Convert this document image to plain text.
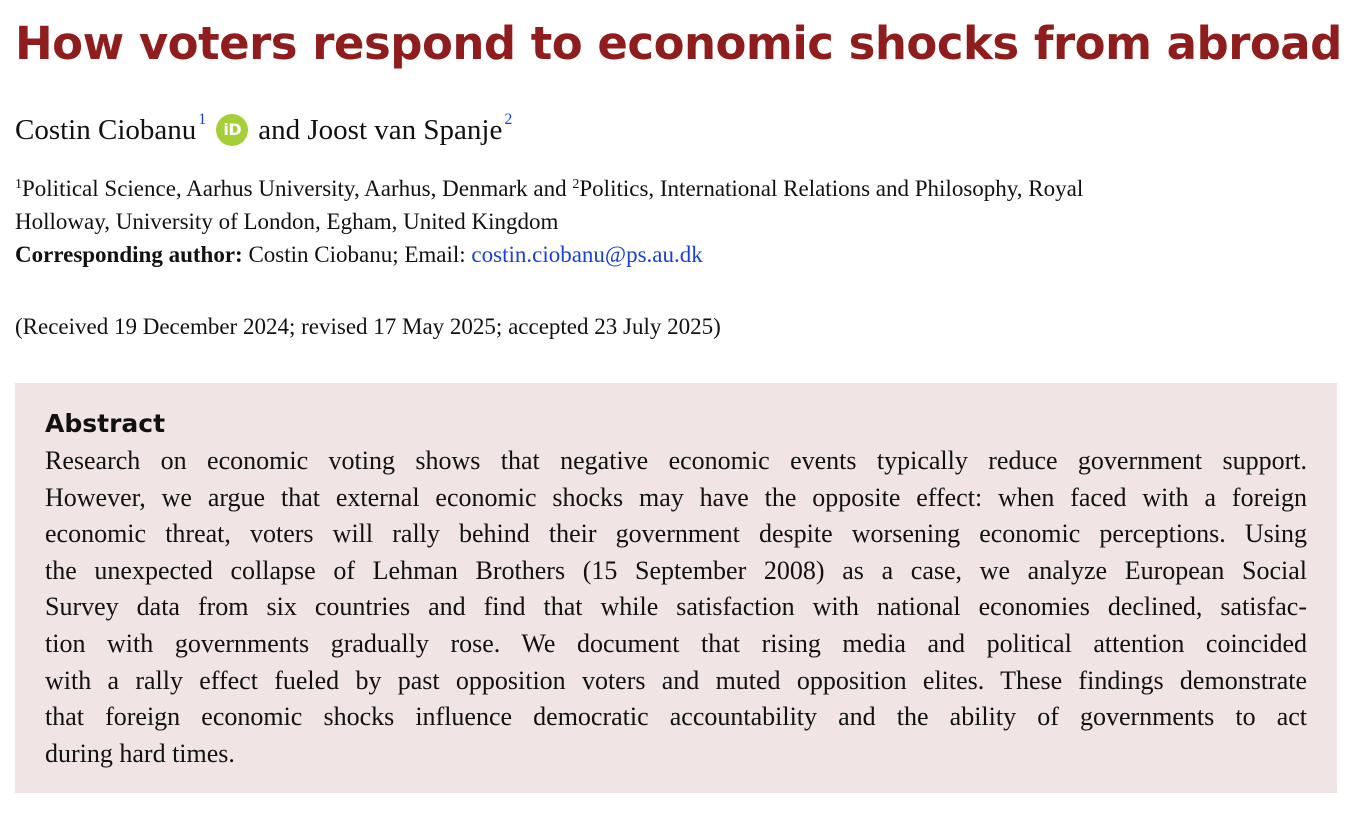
How voters respond to economic shocks from abroad
Costin Ciobanu$^1$
iD and
Joost van Spanje$^2$
$^1$Political Science, Aarhus University, Aarhus, Denmark and $^2$Politics, International Relations and Philosophy, Royal
Holloway, University of London, Egham, United Kingdom
Corresponding author: Costin Ciobanu; Email: costin.ciobanu@ps.au.dk
(Received 19 December 2024; revised 17 May 2025; accepted 23 July 2025)
Abstract
Research on economic voting shows that negative economic events typically reduce government support.
However, we argue that external economic shocks may have the opposite effect: when faced with a foreign
economic threat, voters will rally behind their government despite worsening economic perceptions. Using
the unexpected collapse of Lehman Brothers (15 September 2008) as a case, we analyze European Social
Survey data from six countries and find that while satisfaction with national economies declined, satisfac-
tion with governments gradually rose. We document that rising media and political attention coincided
with a rally effect fueled by past opposition voters and muted opposition elites. These findings demonstrate
that foreign economic shocks influence democratic accountability and the ability of governments to act
during hard times.
